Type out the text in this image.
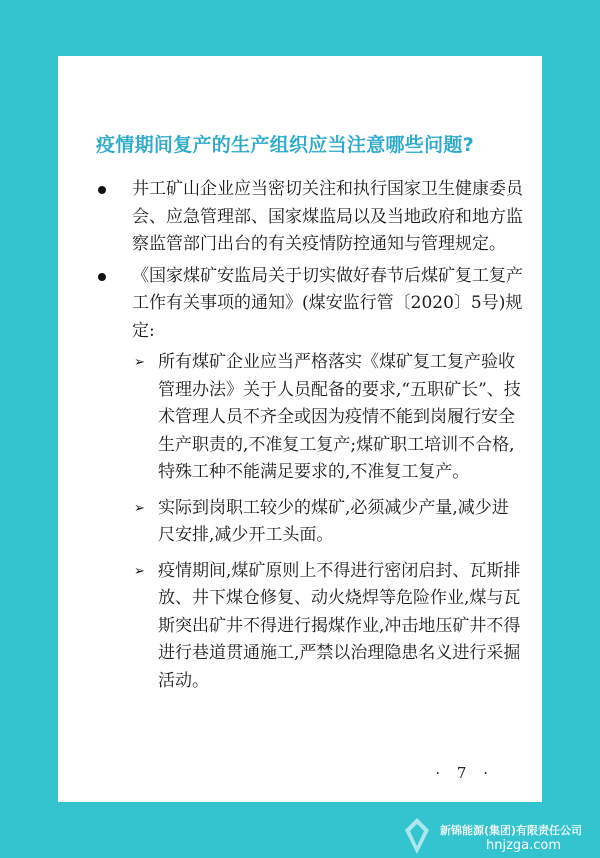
疫情期间复产的生产组织应当注意哪些问题?
井工矿山企业应当密切关注和执行国家卫生健康委员会、应急管理部、国家煤监局以及当地政府和地方监察监管部门出台的有关疫情防控通知与管理规定。
《国家煤矿安监局关于切实做好春节后煤矿复工复产工作有关事项的通知》(煤安监行管〔2020〕5号)规定:
➢ 所有煤矿企业应当严格落实《煤矿复工复产验收管理办法》关于人员配备的要求,“五职矿长”、技术管理人员不齐全或因为疫情不能到岗履行安全生产职责的,不准复工复产;煤矿职工培训不合格,特殊工种不能满足要求的,不准复工复产。
➢ 实际到岗职工较少的煤矿,必须减少产量,减少进尺安排,减少开工头面。
➢ 疫情期间,煤矿原则上不得进行密闭启封、瓦斯排放、井下煤仓修复、动火烧焊等危险作业,煤与瓦斯突出矿井不得进行揭煤作业,冲击地压矿井不得进行巷道贯通施工,严禁以治理隐患名义进行采掘活动。
· 7 ·
新锦能源(集团)有限责任公司
hnjzga.com
